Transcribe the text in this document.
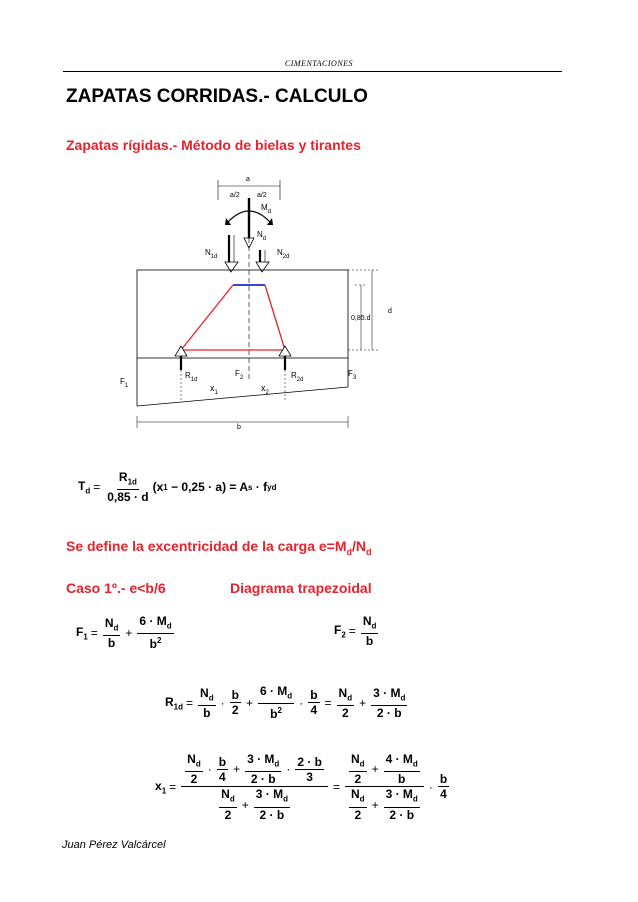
CIMENTACIONES
ZAPATAS CORRIDAS.- CALCULO
Zapatas rígidas.- Método de bielas y tirantes
a
a/2 a/2
$M_d$
$N_d$
$N_{1d}$	$N_{2d}$
$R_{1d}$	$R_{2d}$
d
0,85.d
$F_1$
$F_2$	$F_3$
$x_1$	$x_2$
b
$T_d = \frac{R_{1d}}{0,85 \cdot d} (x$ 1 − 0,25 · a) = A s · f yd
Se define la excentricidad de la carga $e=M_d/N_d$
Caso 1º.- e<b/6	Diagrama trapezoidal
$F_1 = \frac{N_d}{b} + \frac{6 \cdot M_d}{b^2}$	$F_2 = \frac{N_d}{b}$
$R_{1d} = \frac{N_d}{b} \cdot \frac{b}{2} + \frac{6 \cdot M_d}{b^2} \cdot \frac{b}{4} = \frac{N_d}{2} + \frac{3 \cdot M_d}{2 \cdot b}$
$x_1 = \frac{\frac{N_d}{2} \cdot \frac{b}{4} + \frac{3 \cdot M_d}{2 \cdot b} \cdot \frac{2 \cdot b}{3}}{\frac{N_d}{2} + \frac{3 \cdot M_d}{2 \cdot b}} = \frac{\frac{N_d}{2} + \frac{4 \cdot M_d}{b}}{\frac{N_d}{2} + \frac{3 \cdot M_d}{2 \cdot b}} \cdot \frac{b}{4}$
Juan Pérez Valcárcel
